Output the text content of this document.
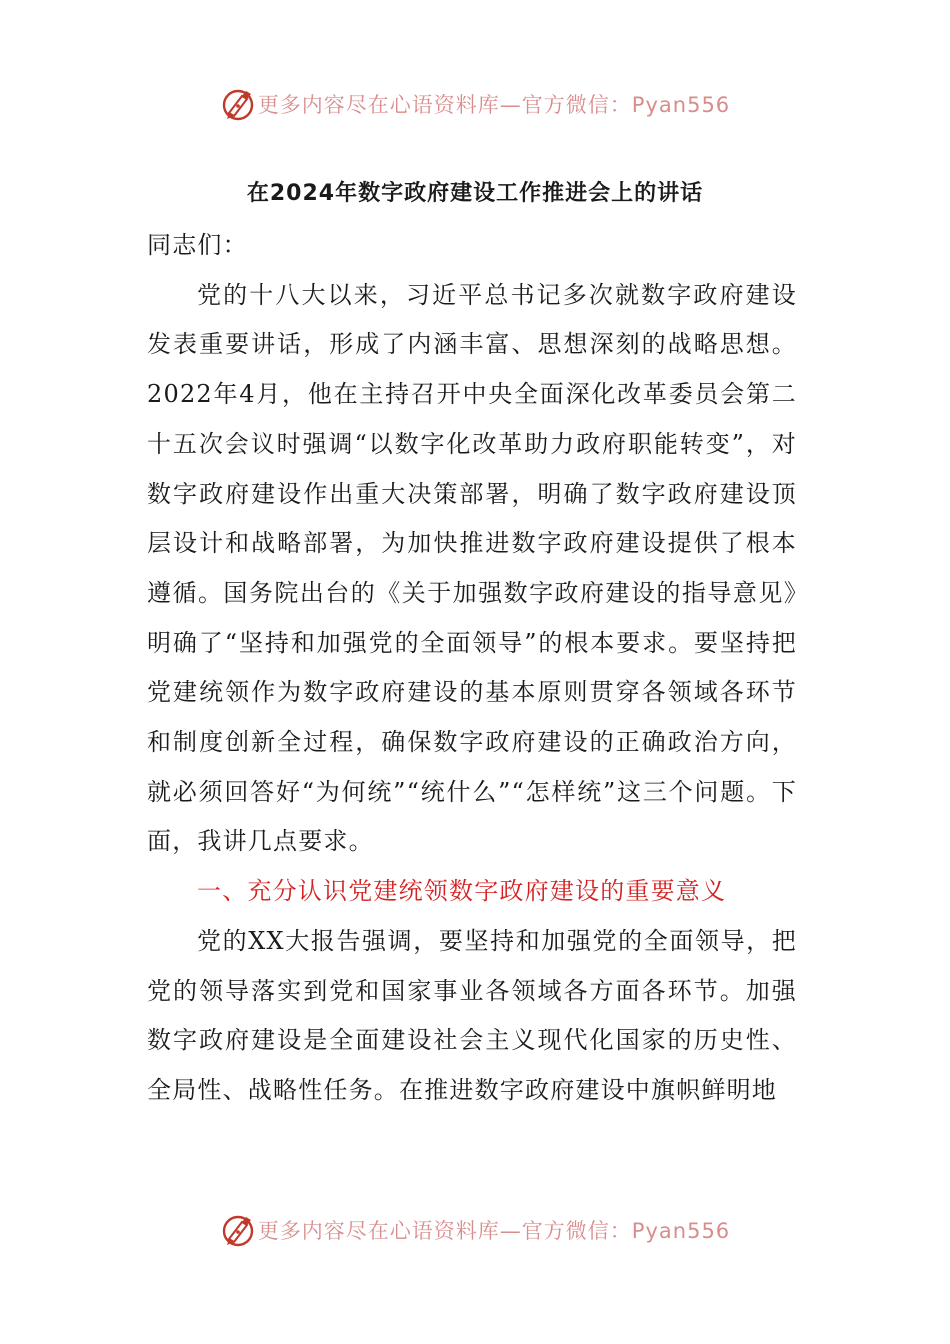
更多内容尽在心语资料库—官方微信：Pyan556
在2024年数字政府建设工作推进会上的讲话

同志们：

党的十八大以来，习近平总书记多次就数字政府建设发表重要讲话，形成了内涵丰富、思想深刻的战略思想。2022年4月，他在主持召开中央全面深化改革委员会第二十五次会议时强调“以数字化改革助力政府职能转变”，对数字政府建设作出重大决策部署，明确了数字政府建设顶层设计和战略部署，为加快推进数字政府建设提供了根本遵循。国务院出台的《关于加强数字政府建设的指导意见》明确了“坚持和加强党的全面领导”的根本要求。要坚持把党建统领作为数字政府建设的基本原则贯穿各领域各环节和制度创新全过程，确保数字政府建设的正确政治方向，就必须回答好“为何统”“统什么”“怎样统”这三个问题。下面，我讲几点要求。

一、充分认识党建统领数字政府建设的重要意义

党的XX大报告强调，要坚持和加强党的全面领导，把党的领导落实到党和国家事业各领域各方面各环节。加强数字政府建设是全面建设社会主义现代化国家的历史性、全局性、战略性任务。在推进数字政府建设中旗帜鲜明地

更多内容尽在心语资料库—官方微信：Pyan556
